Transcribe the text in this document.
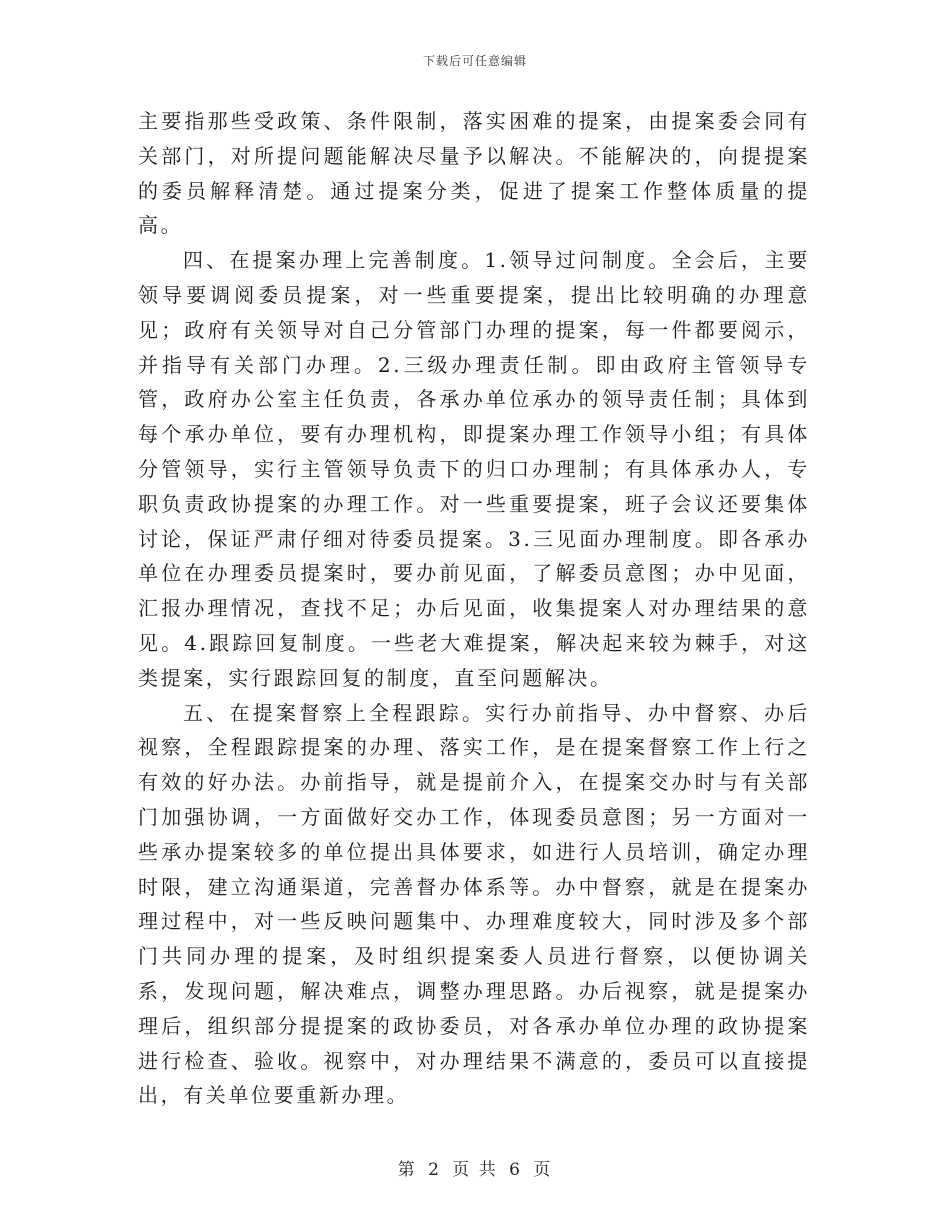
下载后可任意编辑

主要指那些受政策、条件限制，落实困难的提案，由提案委会同有关部门，对所提问题能解决尽量予以解决。不能解决的，向提提案的委员解释清楚。通过提案分类，促进了提案工作整体质量的提高。

四、在提案办理上完善制度。1.领导过问制度。全会后，主要领导要调阅委员提案，对一些重要提案，提出比较明确的办理意见；政府有关领导对自己分管部门办理的提案，每一件都要阅示，并指导有关部门办理。2.三级办理责任制。即由政府主管领导专管，政府办公室主任负责，各承办单位承办的领导责任制；具体到每个承办单位，要有办理机构，即提案办理工作领导小组；有具体分管领导，实行主管领导负责下的归口办理制；有具体承办人，专职负责政协提案的办理工作。对一些重要提案，班子会议还要集体讨论，保证严肃仔细对待委员提案。3.三见面办理制度。即各承办单位在办理委员提案时，要办前见面，了解委员意图；办中见面，汇报办理情况，查找不足；办后见面，收集提案人对办理结果的意见。4.跟踪回复制度。一些老大难提案，解决起来较为棘手，对这类提案，实行跟踪回复的制度，直至问题解决。

五、在提案督察上全程跟踪。实行办前指导、办中督察、办后视察，全程跟踪提案的办理、落实工作，是在提案督察工作上行之有效的好办法。办前指导，就是提前介入，在提案交办时与有关部门加强协调，一方面做好交办工作，体现委员意图；另一方面对一些承办提案较多的单位提出具体要求，如进行人员培训，确定办理时限，建立沟通渠道，完善督办体系等。办中督察，就是在提案办理过程中，对一些反映问题集中、办理难度较大，同时涉及多个部门共同办理的提案，及时组织提案委人员进行督察，以便协调关系，发现问题，解决难点，调整办理思路。办后视察，就是提案办理后，组织部分提提案的政协委员，对各承办单位办理的政协提案进行检查、验收。视察中，对办理结果不满意的，委员可以直接提出，有关单位要重新办理。

第 2 页 共 6 页
